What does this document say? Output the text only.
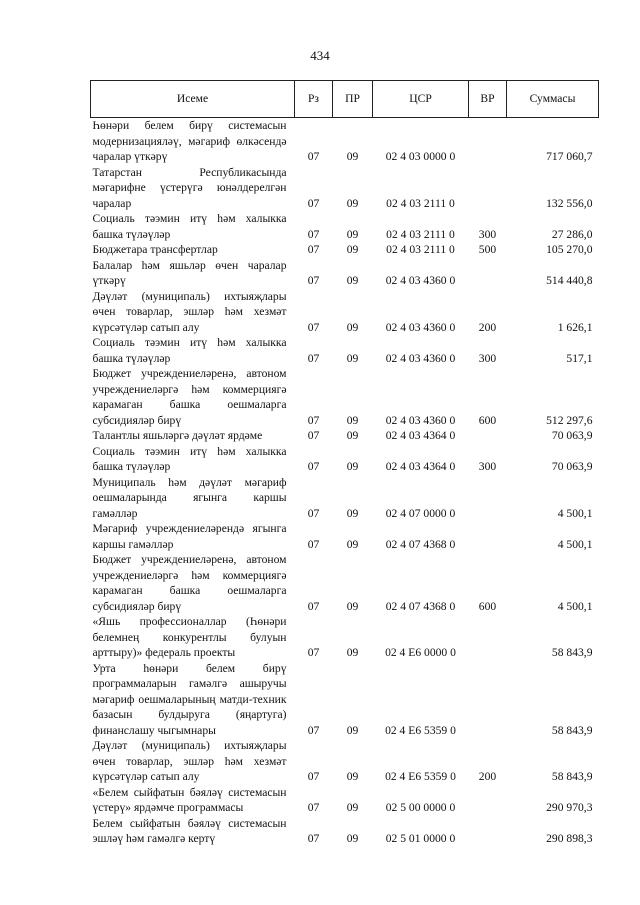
434
Исеме	Рз	ПР	ЦСР	ВР	Суммасы
Һөнәри белем бирү системасын модернизацияләү, мәгариф өлкәсендә чаралар үткәрү	07	09	02 4 03 0000 0		717 060,7
Татарстан Республикасында мәгарифне үстерүгә юнәлдерелгән чаралар	07	09	02 4 03 2111 0		132 556,0
Социаль тәэмин итү һәм халыкка башка түләүләр	07	09	02 4 03 2111 0	300	27 286,0
Бюджетара трансфертлар	07	09	02 4 03 2111 0	500	105 270,0
Балалар һәм яшьләр өчен чаралар үткәрү	07	09	02 4 03 4360 0		514 440,8
Дәүләт (муниципаль) ихтыяҗлары өчен товарлар, эшләр һәм хезмәт күрсәтүләр сатып алу	07	09	02 4 03 4360 0	200	1 626,1
Социаль тәэмин итү һәм халыкка башка түләүләр	07	09	02 4 03 4360 0	300	517,1
Бюджет учреждениеләренә, автоном учреждениеләргә һәм коммерциягә карамаган башка оешмаларга субсидияләр бирү	07	09	02 4 03 4360 0	600	512 297,6
Талантлы яшьләргә дәүләт ярдәме	07	09	02 4 03 4364 0		70 063,9
Социаль тәэмин итү һәм халыкка башка түләүләр	07	09	02 4 03 4364 0	300	70 063,9
Муниципаль һәм дәүләт мәгариф оешмаларында ягынга каршы гамәлләр	07	09	02 4 07 0000 0		4 500,1
Мәгариф учреждениеләрендә ягынга каршы гамәлләр	07	09	02 4 07 4368 0		4 500,1
Бюджет учреждениеләренә, автоном учреждениеләргә һәм коммерциягә карамаган башка оешмаларга субсидияләр бирү	07	09	02 4 07 4368 0	600	4 500,1
«Яшь профессионаллар (Һөнәри белемнең конкурентлы булуын арттыру)» федераль проекты	07	09	02 4 Е6 0000 0		58 843,9
Урта һөнәри белем бирү программаларын гамәлгә ашыручы мәгариф оешмаларының матди-техник базасын булдыруга (яңартуга) финанслашу чыгымнары	07	09	02 4 Е6 5359 0		58 843,9
Дәүләт (муниципаль) ихтыяҗлары өчен товарлар, эшләр һәм хезмәт күрсәтүләр сатып алу	07	09	02 4 Е6 5359 0	200	58 843,9
«Белем сыйфатын бәяләү системасын үстерү» ярдәмче программасы	07	09	02 5 00 0000 0		290 970,3
Белем сыйфатын бәяләү системасын эшләү һәм гамәлгә кертү	07	09	02 5 01 0000 0		290 898,3
